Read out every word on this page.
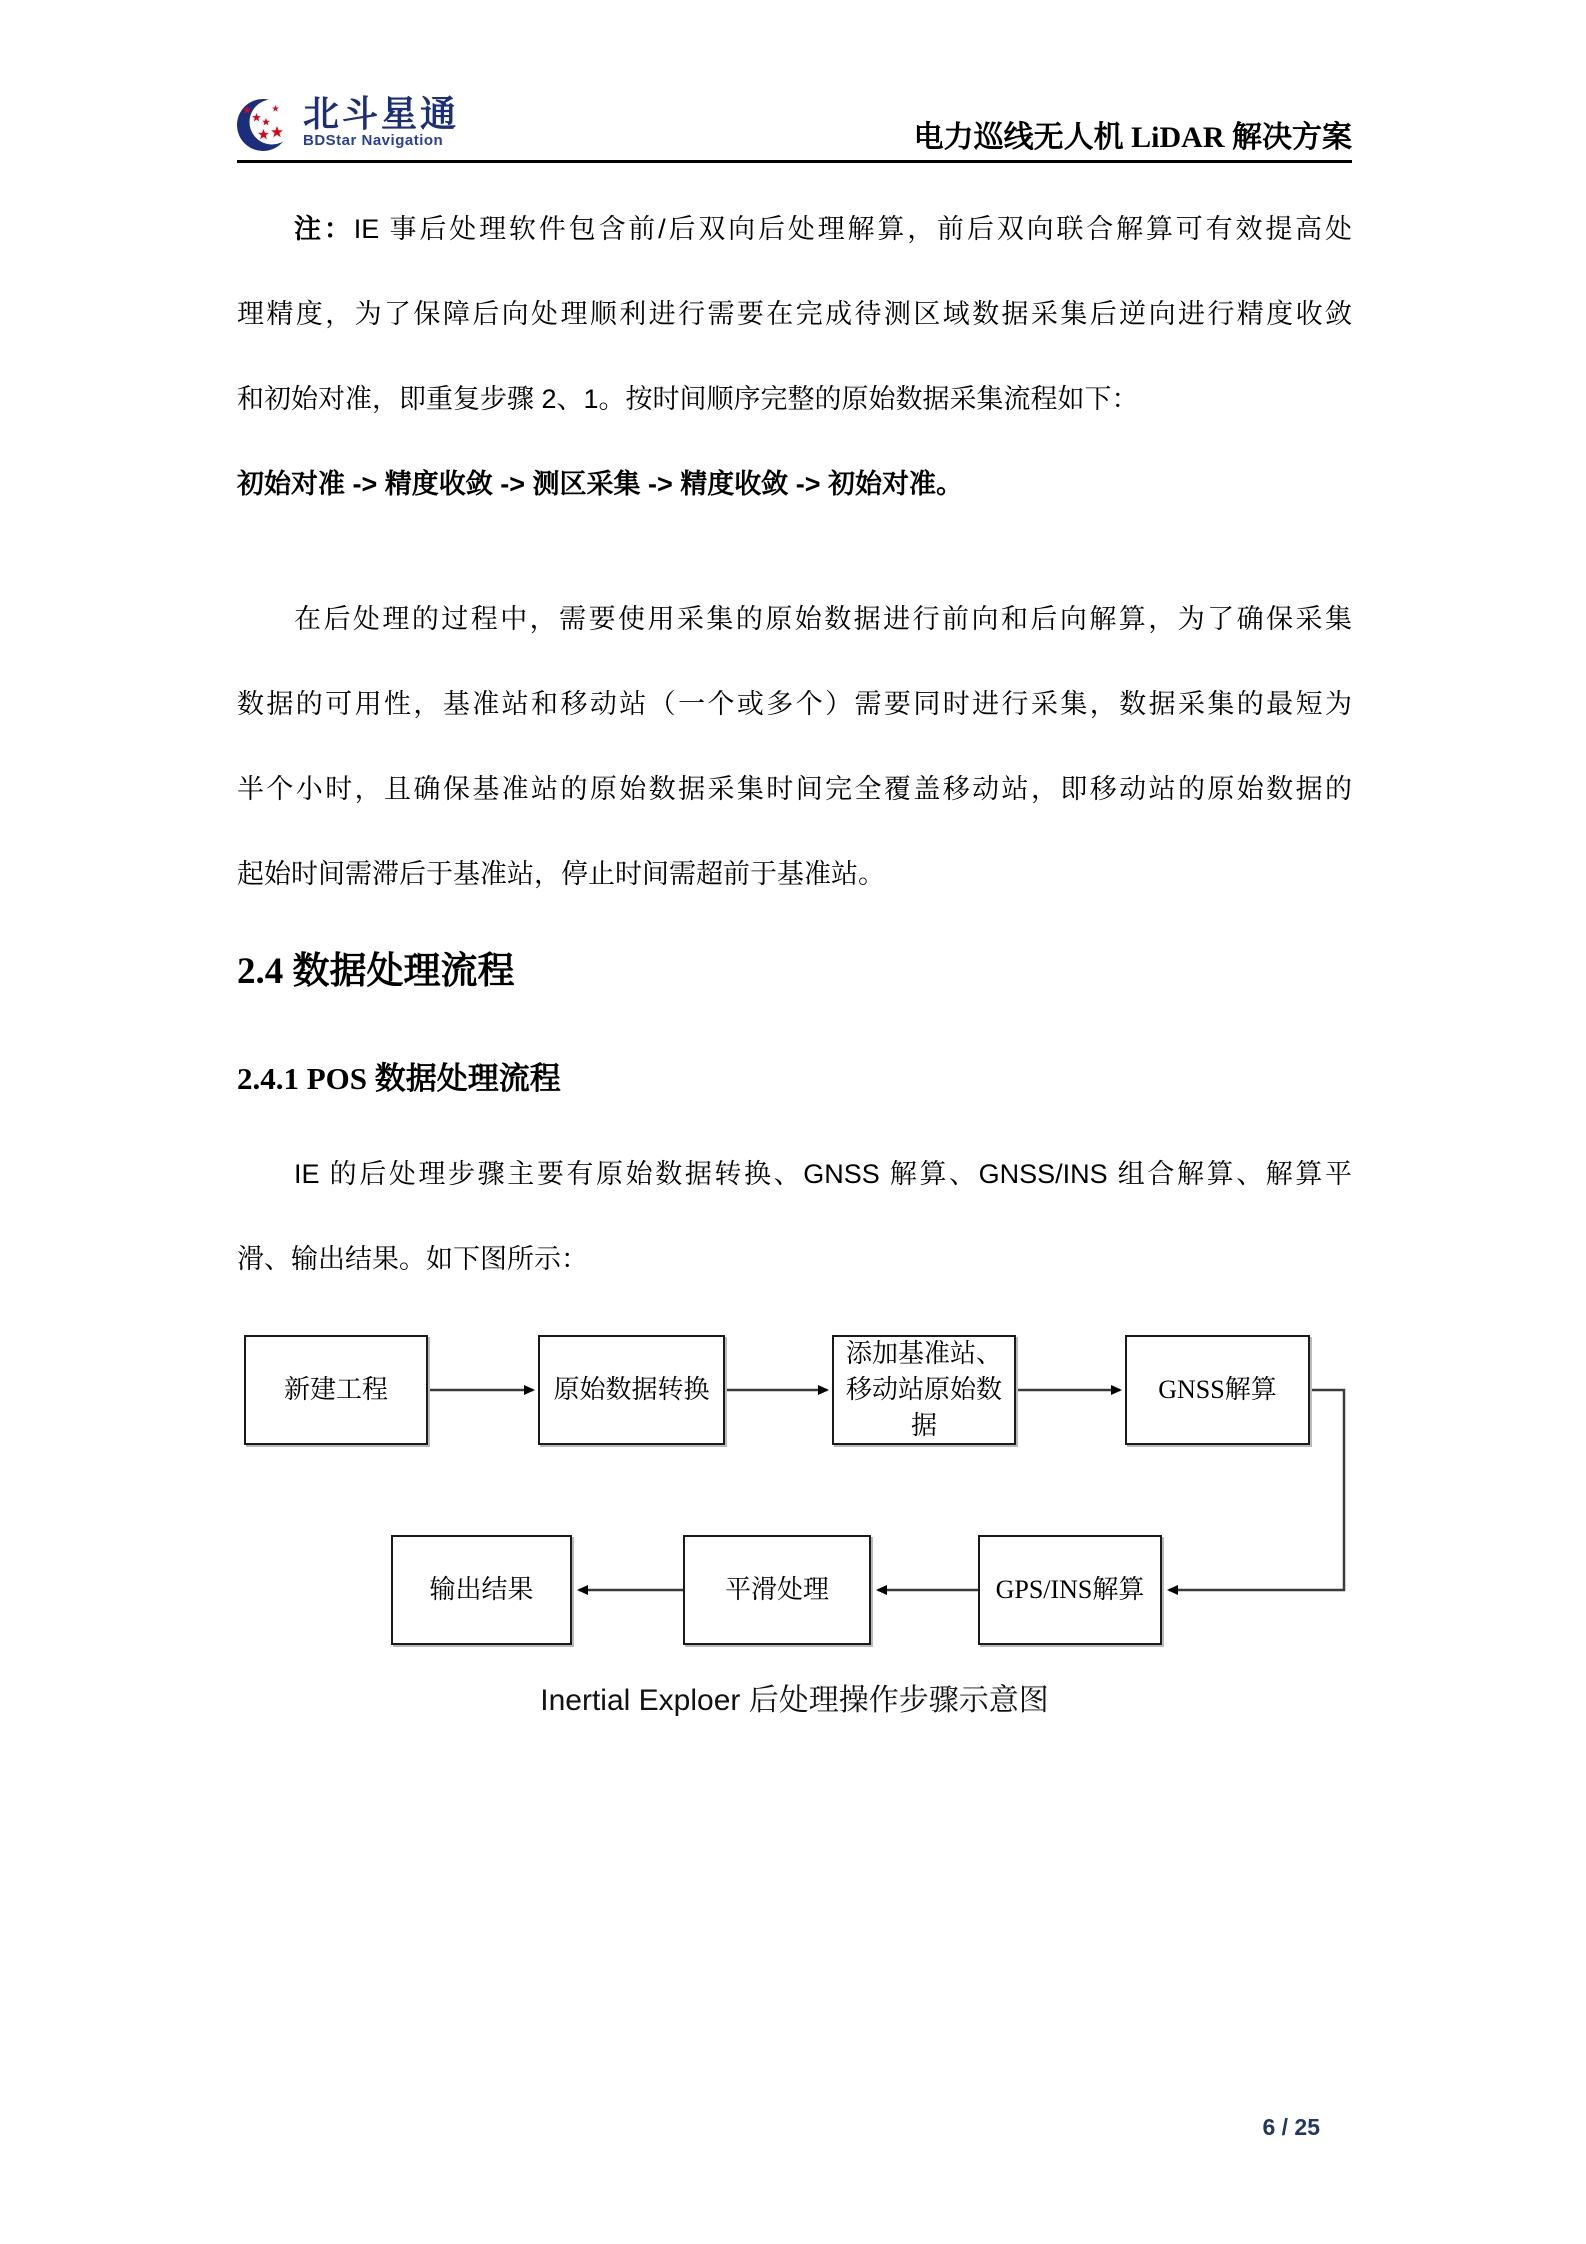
北斗星通
BDStar Navigation	电力巡线无人机 LiDAR 解决方案
注：IE 事后处理软件包含前/后双向后处理解算，前后双向联合解算可有效提高处
理精度，为了保障后向处理顺利进行需要在完成待测区域数据采集后逆向进行精度收敛
和初始对准，即重复步骤 2、1。按时间顺序完整的原始数据采集流程如下：
初始对准 -> 精度收敛 -> 测区采集 -> 精度收敛 -> 初始对准。
在后处理的过程中，需要使用采集的原始数据进行前向和后向解算，为了确保采集
数据的可用性，基准站和移动站（一个或多个）需要同时进行采集，数据采集的最短为
半个小时，且确保基准站的原始数据采集时间完全覆盖移动站，即移动站的原始数据的
起始时间需滞后于基准站，停止时间需超前于基准站。
2.4 数据处理流程
2.4.1 POS 数据处理流程
IE 的后处理步骤主要有原始数据转换、GNSS 解算、GNSS/INS 组合解算、解算平
滑、输出结果。如下图所示：
新建工程	原始数据转换
添加基准站、移动站原始数据
GNSS解算
输出结果	平滑处理	GPS/INS解算
Inertial Exploer 后处理操作步骤示意图
6 / 25
